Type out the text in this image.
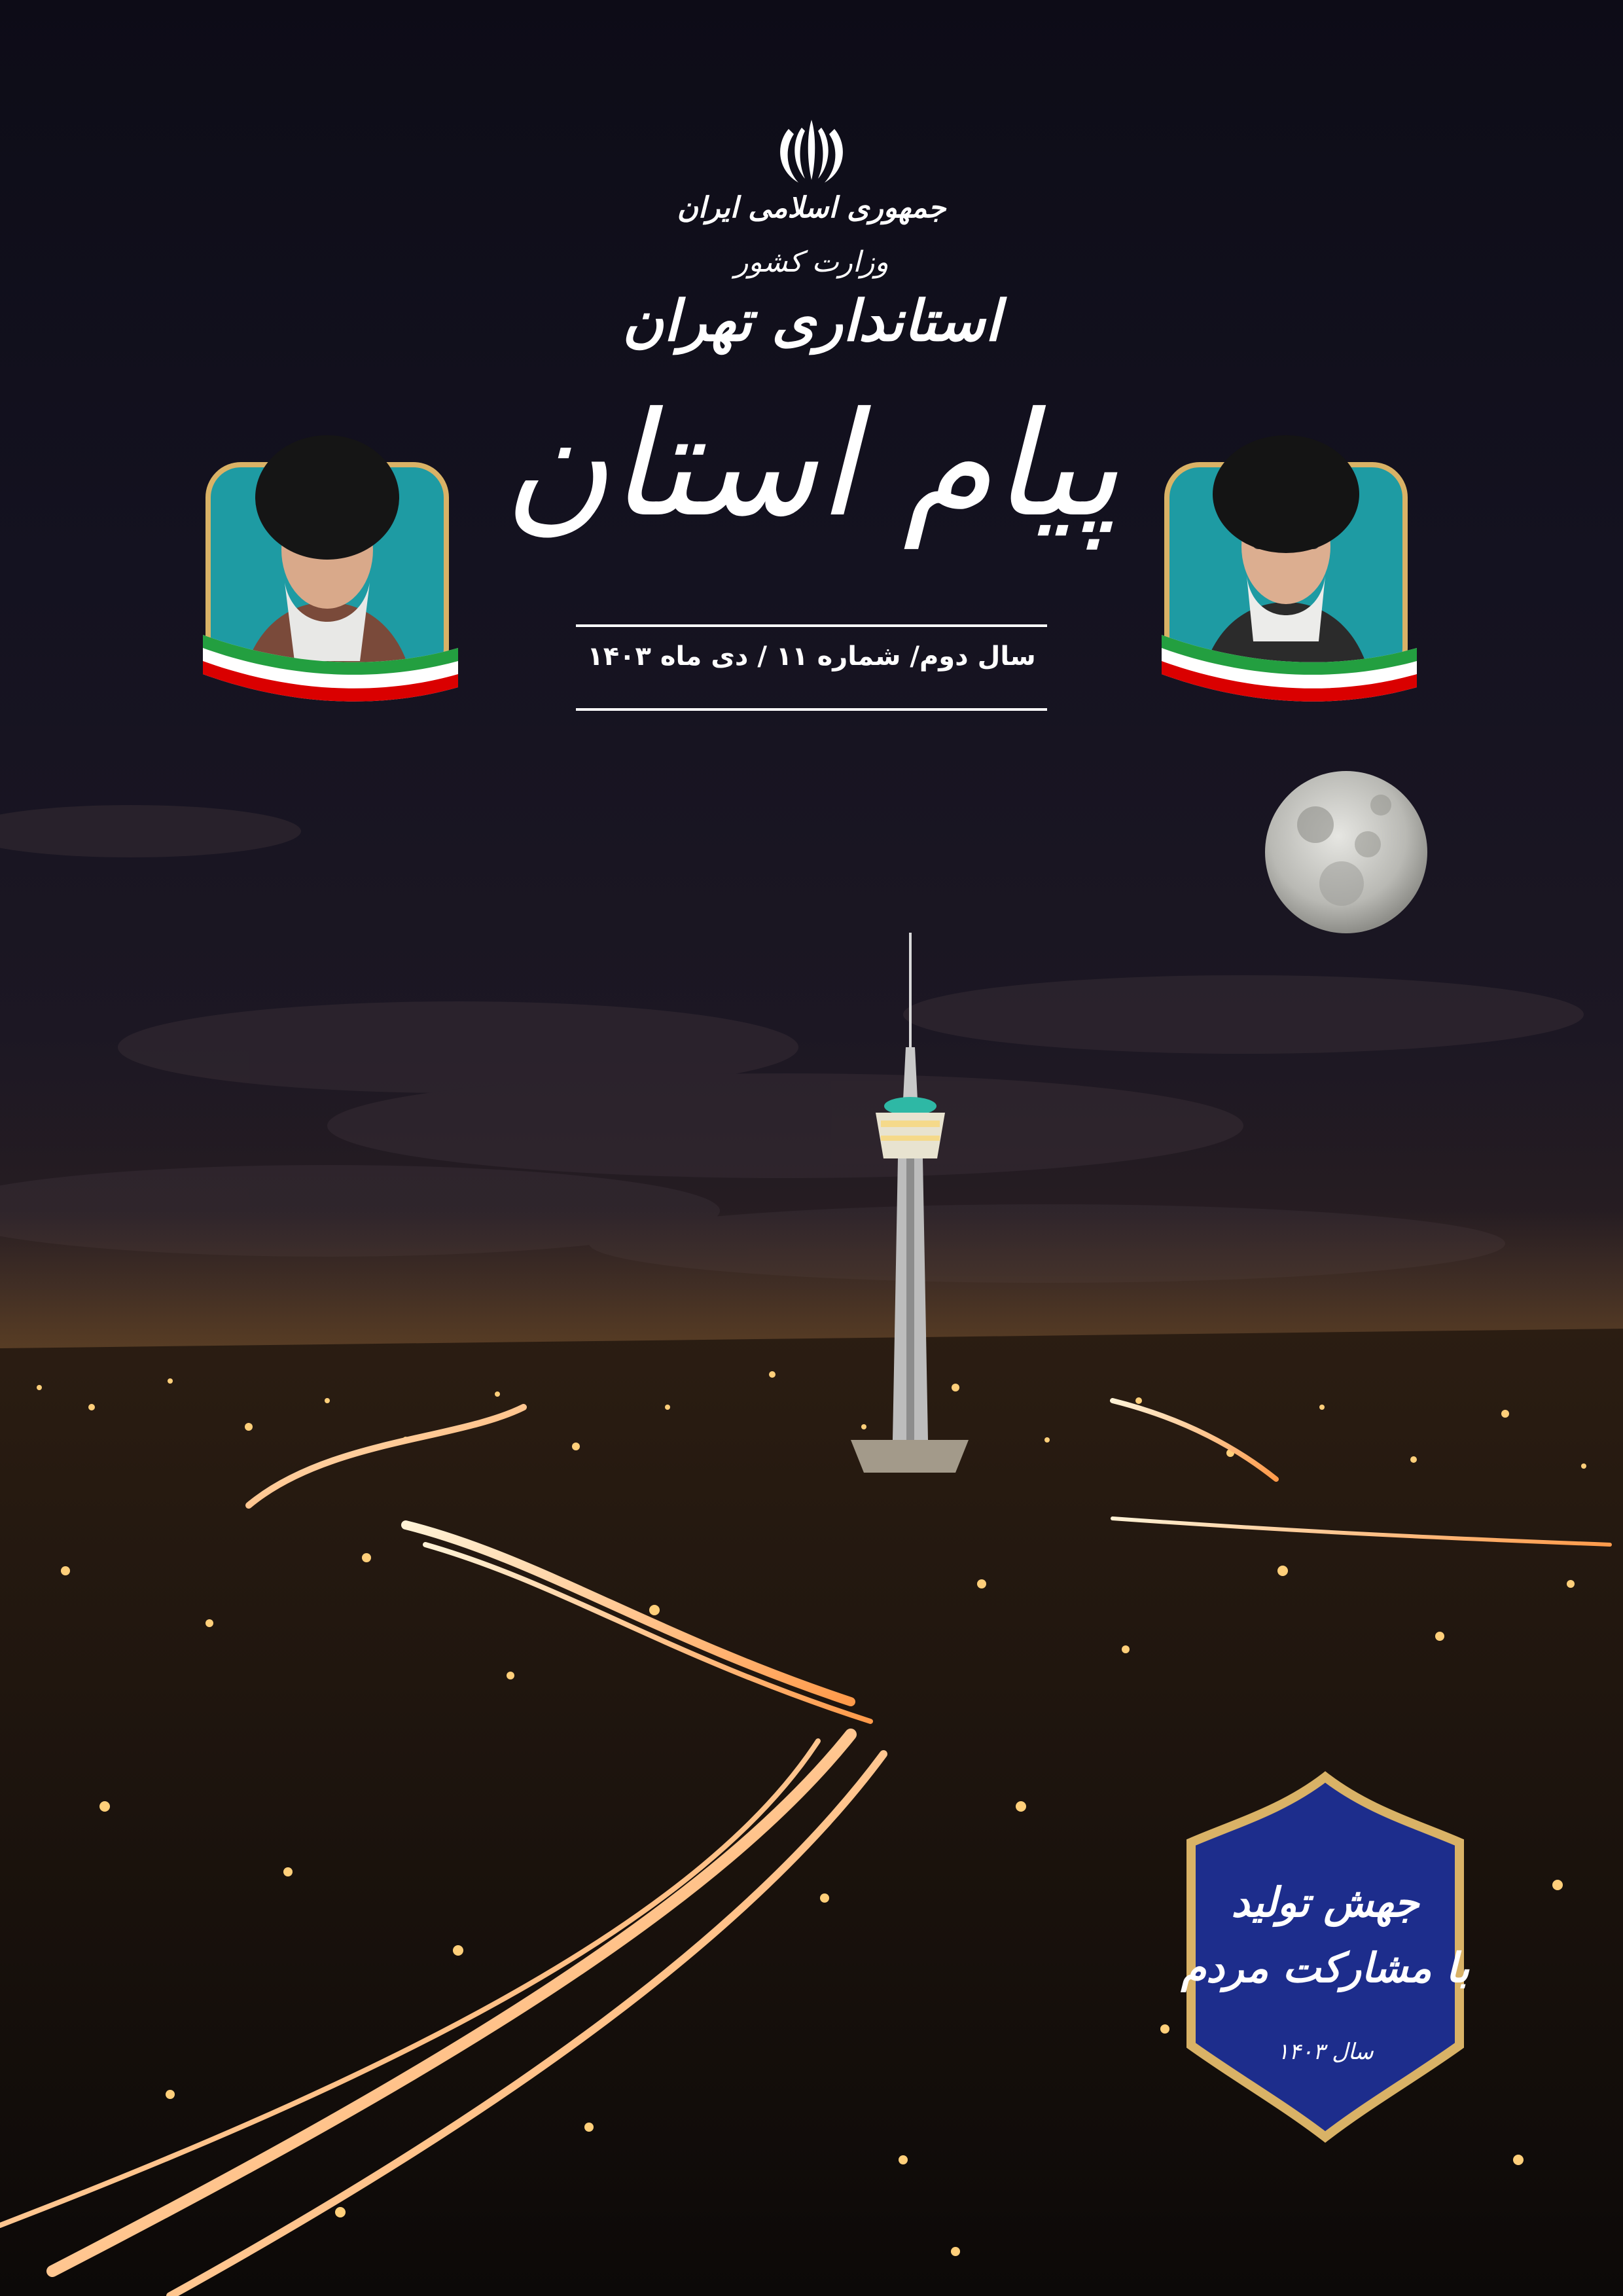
جمهوری اسلامی ایران
وزارت کشور
استانداری تهران
پیام استان
سال دوم/ شماره ۱۱ / دی ماه ۱۴۰۳
جهش تولید
با مشارکت مردم
سال ۱۴۰۳
